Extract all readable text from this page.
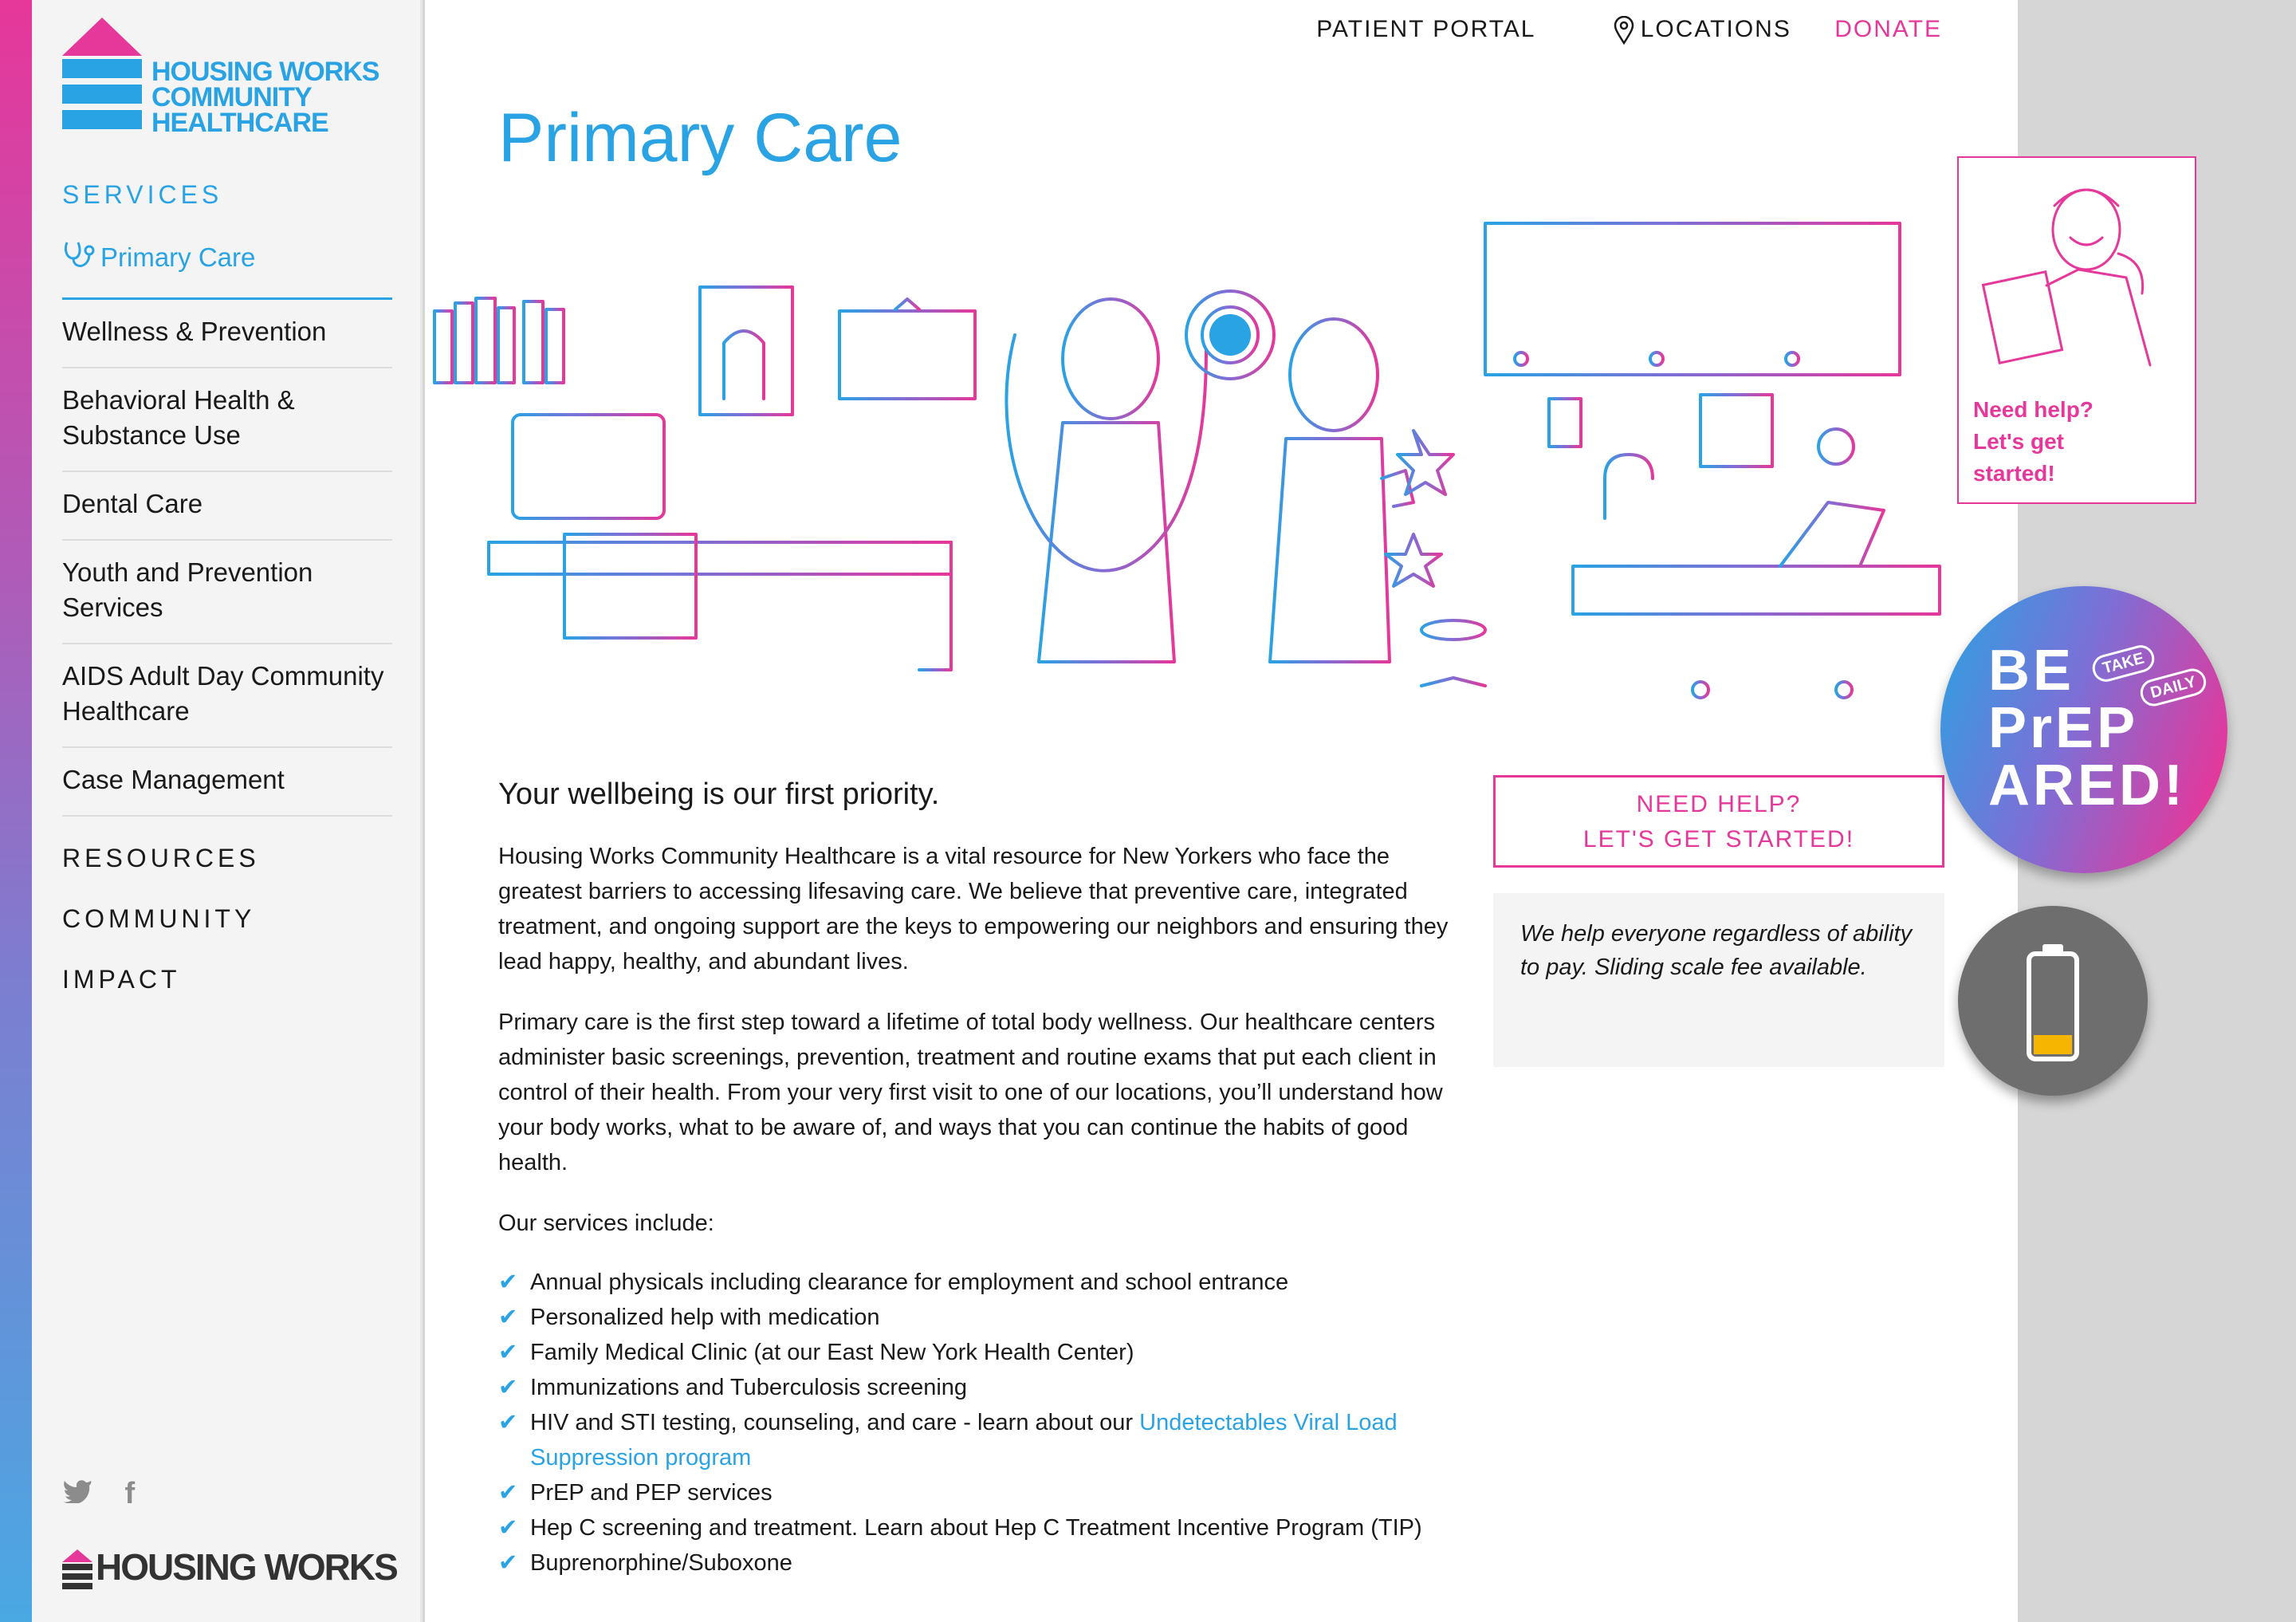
HOUSING WORKS
COMMUNITY
HEALTHCARE
SERVICES
Primary Care
Wellness & Prevention
Behavioral Health & Substance Use
Dental Care
Youth and Prevention Services
AIDS Adult Day Community Healthcare
Case Management
RESOURCES
COMMUNITY
IMPACT
f
HOUSING WORKS
PATIENT PORTAL	LOCATIONS DONATE
Primary Care
Your wellbeing is our first priority.

Housing Works Community Healthcare is a vital resource for New Yorkers who face the greatest barriers to accessing lifesaving care. We believe that preventive care, integrated treatment, and ongoing support are the keys to empowering our neighbors and ensuring they lead happy, healthy, and abundant lives.

Primary care is the first step toward a lifetime of total body wellness. Our healthcare centers administer basic screenings, prevention, treatment and routine exams that put each client in control of their health. From your very first visit to one of our locations, you’ll understand how your body works, what to be aware of, and ways that you can continue the habits of good health.

Our services include:

✔ Annual physicals including clearance for employment and school entrance
✔ Personalized help with medication
✔ Family Medical Clinic (at our East New York Health Center)
✔ Immunizations and Tuberculosis screening
✔ HIV and STI testing, counseling, and care - learn about our Undetectables Viral Load Suppression program
✔ PrEP and PEP services
✔ Hep C screening and treatment. Learn about Hep C Treatment Incentive Program (TIP)
✔ Buprenorphine/Suboxone
NEED HELP?
LET'S GET STARTED!
We help everyone regardless of ability to pay. Sliding scale fee available.
Need help?
Let's get
started!
BE
PrEP
ARED!
TAKE
DAILY
